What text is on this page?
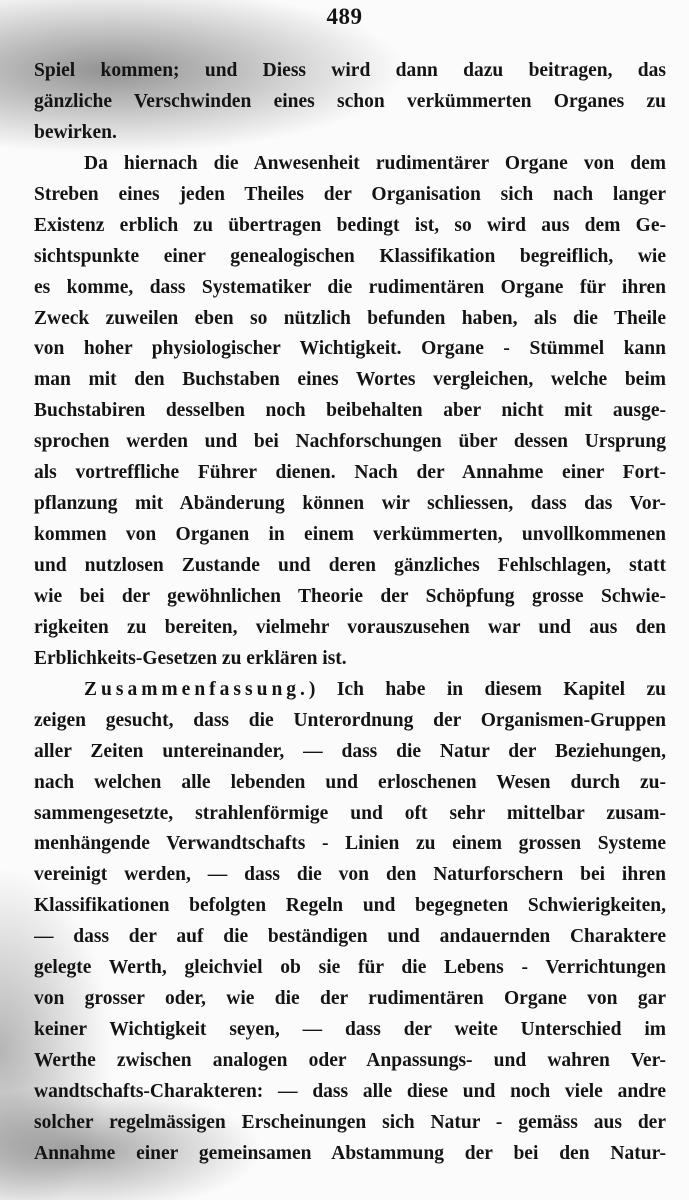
489
Spiel kommen; und Diess wird dann dazu beitragen, das
gänzliche Verschwinden eines schon verkümmerten Organes zu
bewirken.
Da hiernach die Anwesenheit rudimentärer Organe von dem
Streben eines jeden Theiles der Organisation sich nach langer
Existenz erblich zu übertragen bedingt ist, so wird aus dem Ge-
sichtspunkte einer genealogischen Klassifikation begreiflich, wie
es komme, dass Systematiker die rudimentären Organe für ihren
Zweck zuweilen eben so nützlich befunden haben, als die Theile
von hoher physiologischer Wichtigkeit. Organe - Stümmel kann
man mit den Buchstaben eines Wortes vergleichen, welche beim
Buchstabiren desselben noch beibehalten aber nicht mit ausge-
sprochen werden und bei Nachforschungen über dessen Ursprung
als vortreffliche Führer dienen. Nach der Annahme einer Fort-
pflanzung mit Abänderung können wir schliessen, dass das Vor-
kommen von Organen in einem verkümmerten, unvollkommenen
und nutzlosen Zustande und deren gänzliches Fehlschlagen, statt
wie bei der gewöhnlichen Theorie der Schöpfung grosse Schwie-
rigkeiten zu bereiten, vielmehr vorauszusehen war und aus den
Erblichkeits-Gesetzen zu erklären ist.
Zusammenfassung.) Ich habe in diesem Kapitel zu
zeigen gesucht, dass die Unterordnung der Organismen-Gruppen
aller Zeiten untereinander, — dass die Natur der Beziehungen,
nach welchen alle lebenden und erloschenen Wesen durch zu-
sammengesetzte, strahlenförmige und oft sehr mittelbar zusam-
menhängende Verwandtschafts - Linien zu einem grossen Systeme
vereinigt werden, — dass die von den Naturforschern bei ihren
Klassifikationen befolgten Regeln und begegneten Schwierigkeiten,
— dass der auf die beständigen und andauernden Charaktere
gelegte Werth, gleichviel ob sie für die Lebens - Verrichtungen
von grosser oder, wie die der rudimentären Organe von gar
keiner Wichtigkeit seyen, — dass der weite Unterschied im
Werthe zwischen analogen oder Anpassungs- und wahren Ver-
wandtschafts-Charakteren: — dass alle diese und noch viele andre
solcher regelmässigen Erscheinungen sich Natur - gemäss aus der
Annahme einer gemeinsamen Abstammung der bei den Natur-
